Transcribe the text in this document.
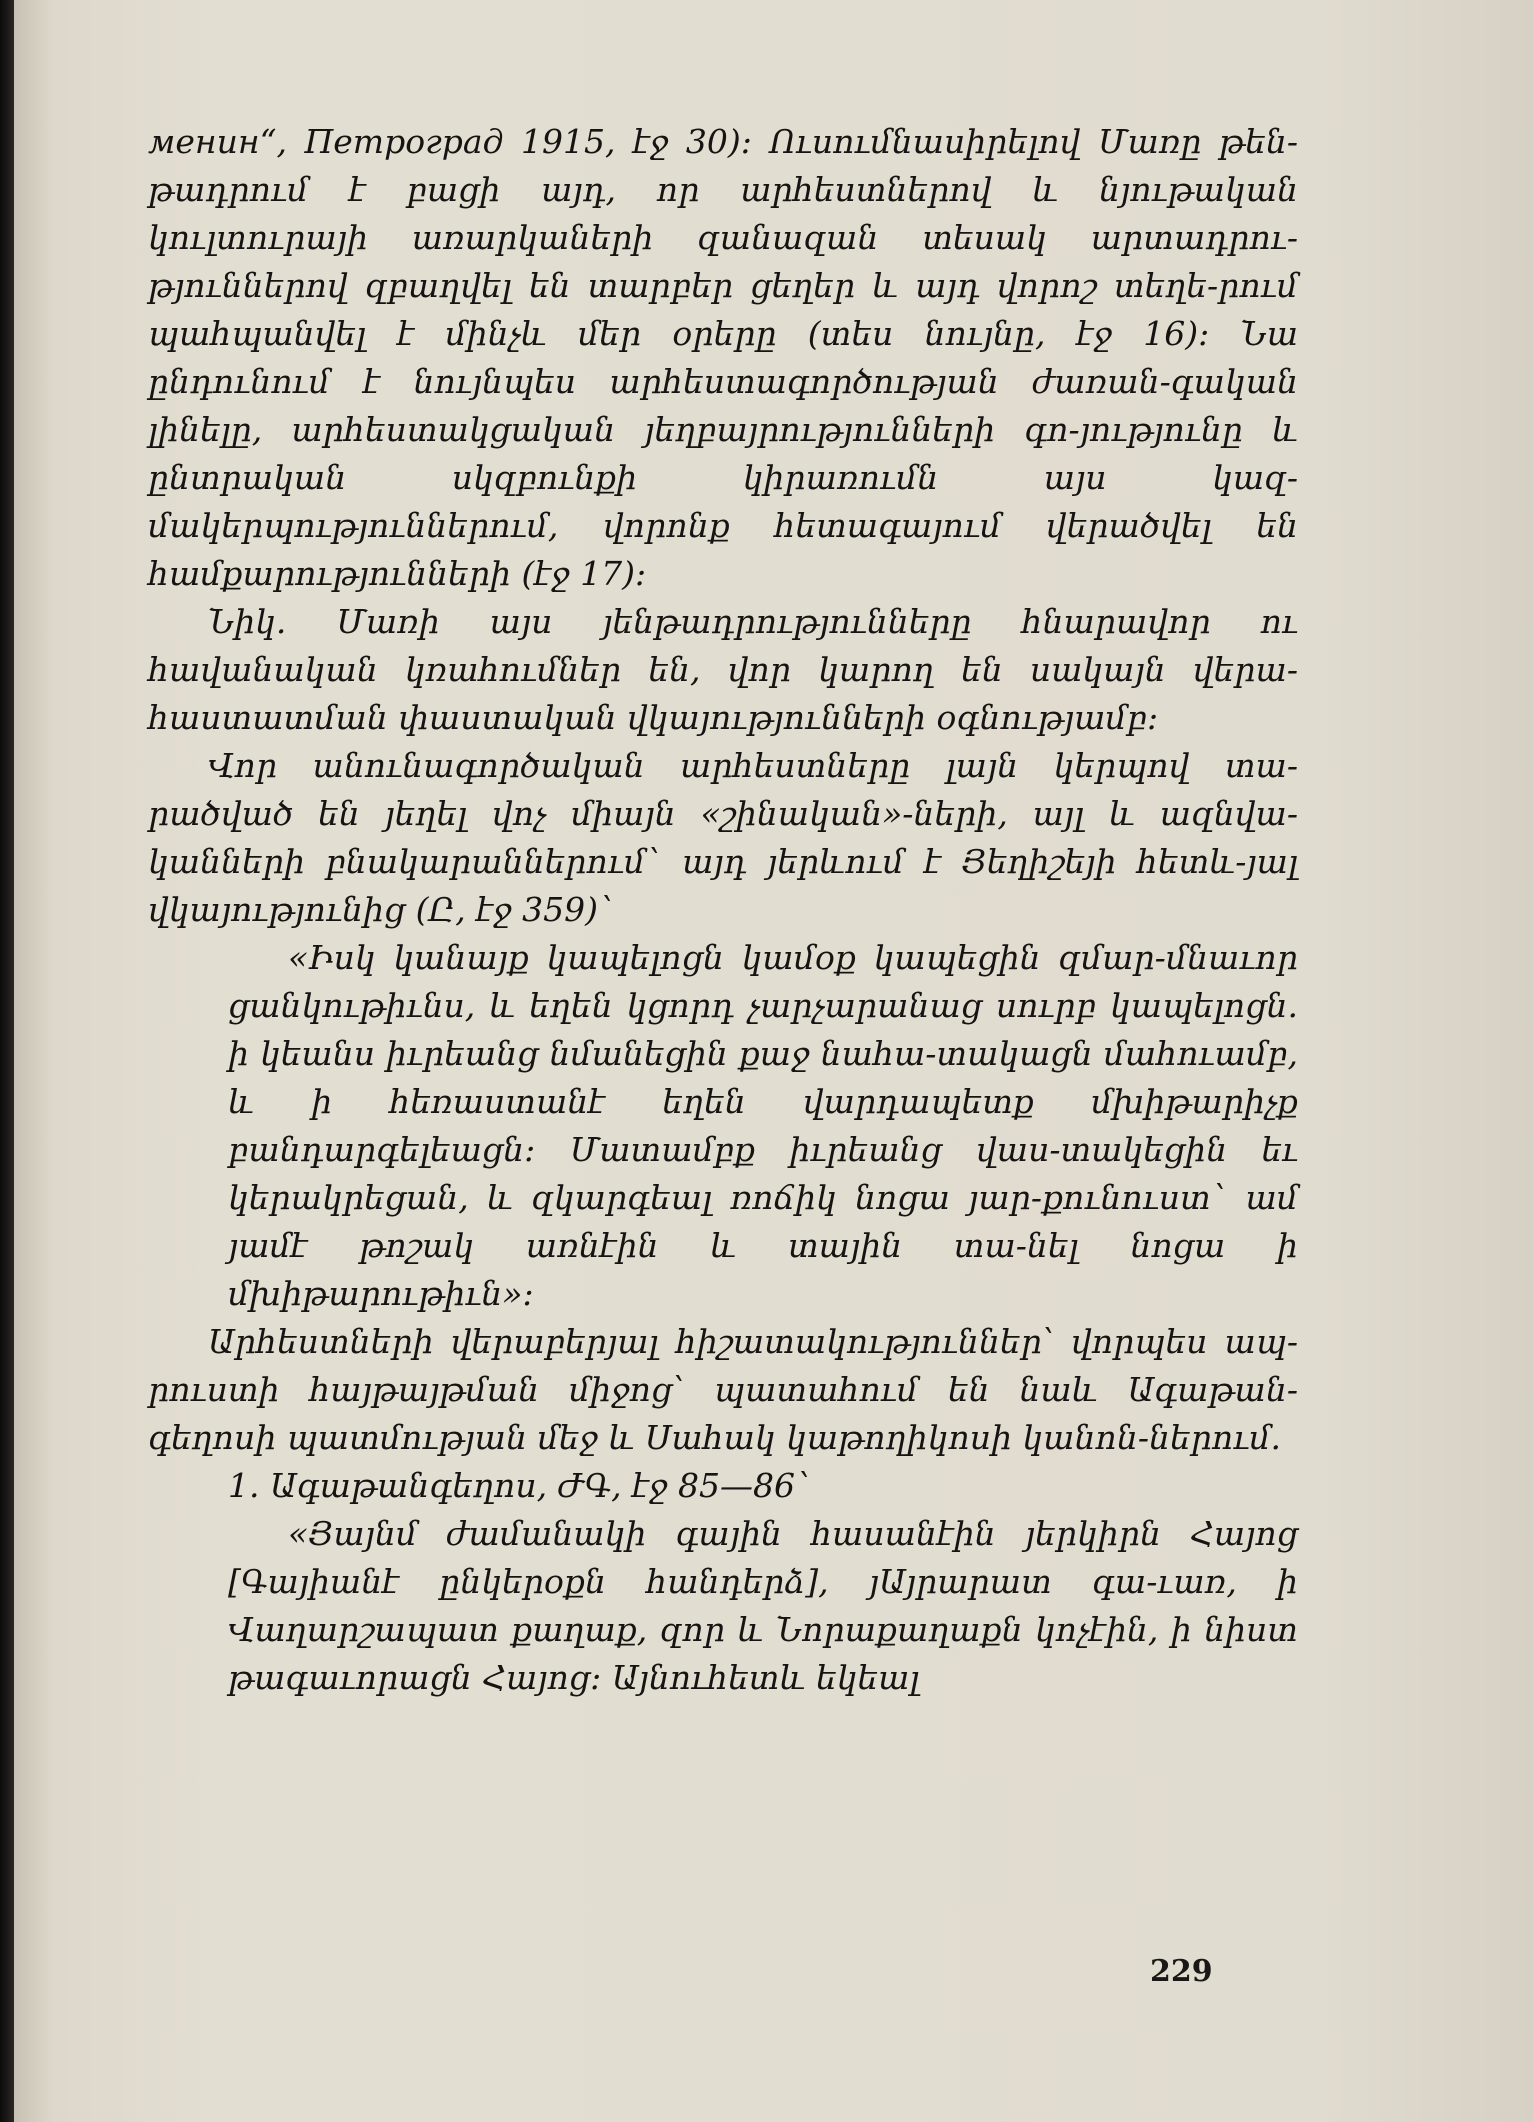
менин“, Петроград 1915, էջ 30)։ Ուսումնասիրելով Մառը թեն-թադրում է բացի այդ, որ արհեստներով և նյութական կուլտուրայի առարկաների զանազան տեսակ արտադրու-թյուններով զբաղվել են տարբեր ցեղեր և այդ վորոշ տեղե-րում պահպանվել է մինչև մեր օրերը (տես նույնը, էջ 16)։ Նա ընդունում է նույնպես արհեստագործության ժառան-գական լինելը, արհեստակցական յեղբայրությունների գո-յությունը և ընտրական սկզբունքի կիրառումն այս կազ-մակերպություններում, վորոնք հետագայում վերածվել են համքարությունների (էջ 17)։

Նիկ. Մառի այս յենթադրությունները հնարավոր ու հավանական կռահումներ են, վոր կարող են սակայն վերա-հաստատման փաստական վկայությունների օգնությամբ։

Վոր անունագործական արհեստները լայն կերպով տա-րածված են յեղել վոչ միայն «շինական»-ների, այլ և ազնվա-կանների բնակարաններում` այդ յերևում է Յեղիշեյի հետև-յալ վկայությունից (Ը, էջ 359)`

«Իսկ կանայք կապելոցն կամօք կապեցին զմար-մնաւոր ցանկութիւնս, և եղեն կցորդ չարչարանաց սուրբ կապելոցն. ի կեանս իւրեանց նմանեցին քաջ նահա-տակացն մահուամբ, և ի հեռաստանէ եղեն վարդապետք մխիթարիչք բանդարգելեացն։ Մատամբք իւրեանց վաս-տակեցին եւ կերակրեցան, և զկարգեալ ռոճիկ նոցա յար-քունուստ` ամ յամէ թոշակ առնէին և տային տա-նել նոցա ի մխիթարութիւն»։

Արհեստների վերաբերյալ հիշատակություններ՝ վորպես ապ-րուստի հայթայթման միջոց՝ պատահում են նաև Ագաթան-գեղոսի պատմության մեջ և Սահակ կաթողիկոսի կանոն-ներում.

1. Ագաթանգեղոս, ԺԳ, էջ 85—86`

«Յայնմ ժամանակի գային հասանէին յերկիրն Հայոց [Գայիանէ ընկերօքն հանդերձ], յԱյրարատ գա-ւառ, ի Վաղարշապատ քաղաք, զոր և Նորաքաղաքն կոչէին, ի նիստ թագաւորացն Հայոց։ Այնուհետև եկեալ

229
